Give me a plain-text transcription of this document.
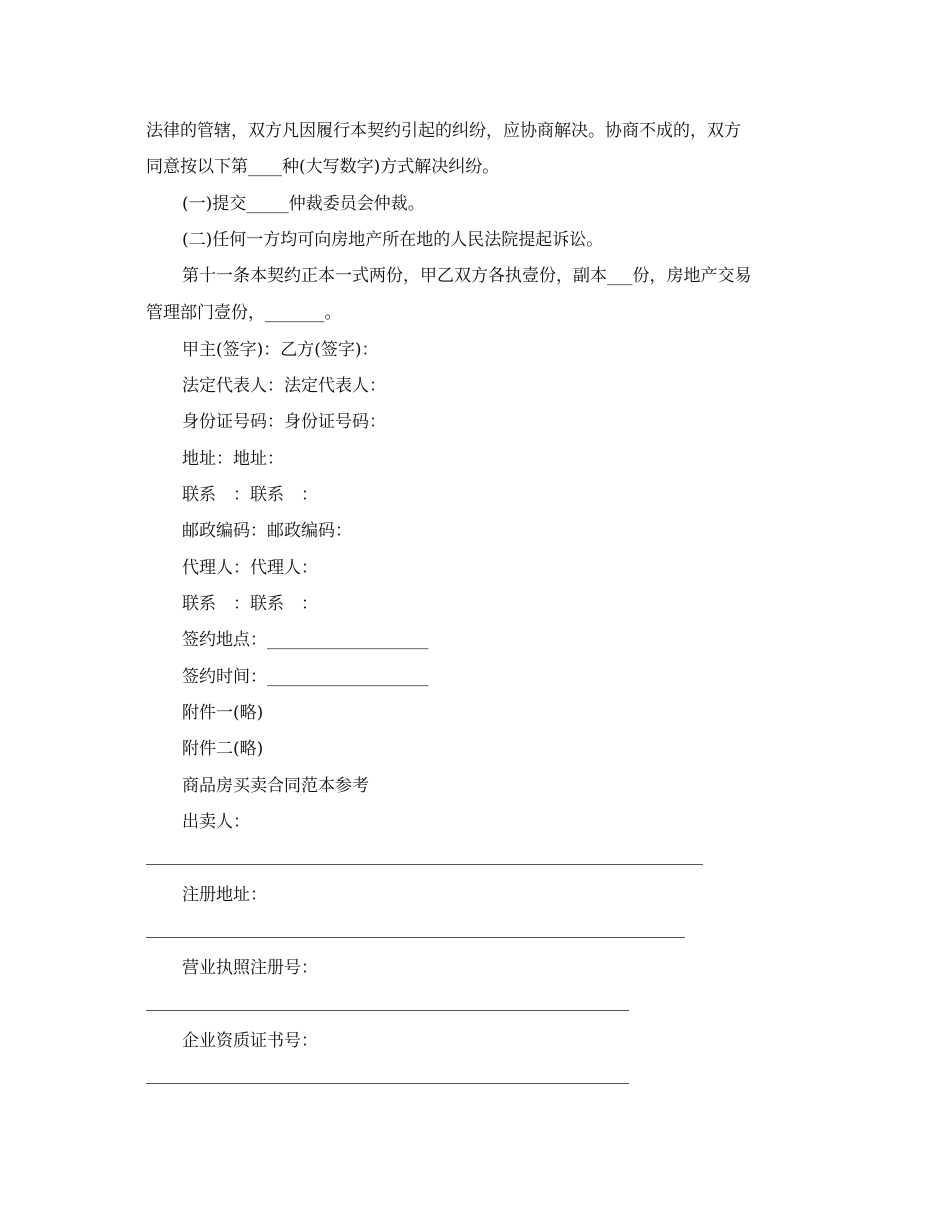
法律的管辖，双方凡因履行本契约引起的纠纷，应协商解决。协商不成的，双方
同意按以下第____种(大写数字)方式解决纠纷。
(一)提交_____仲裁委员会仲裁。
(二)任何一方均可向房地产所在地的人民法院提起诉讼。
第十一条本契约正本一式两份，甲乙双方各执壹份，副本___份，房地产交易
管理部门壹份，_______。
甲主(签字)：乙方(签字)：
法定代表人：法定代表人：
身份证号码：身份证号码：
地址：地址：
联系　：联系　：
邮政编码：邮政编码：
代理人：代理人：
联系　：联系　：
签约地点：___________________
签约时间：___________________
附件一(略)
附件二(略)
商品房买卖合同范本参考
出卖人：
注册地址：
营业执照注册号：
企业资质证书号：
